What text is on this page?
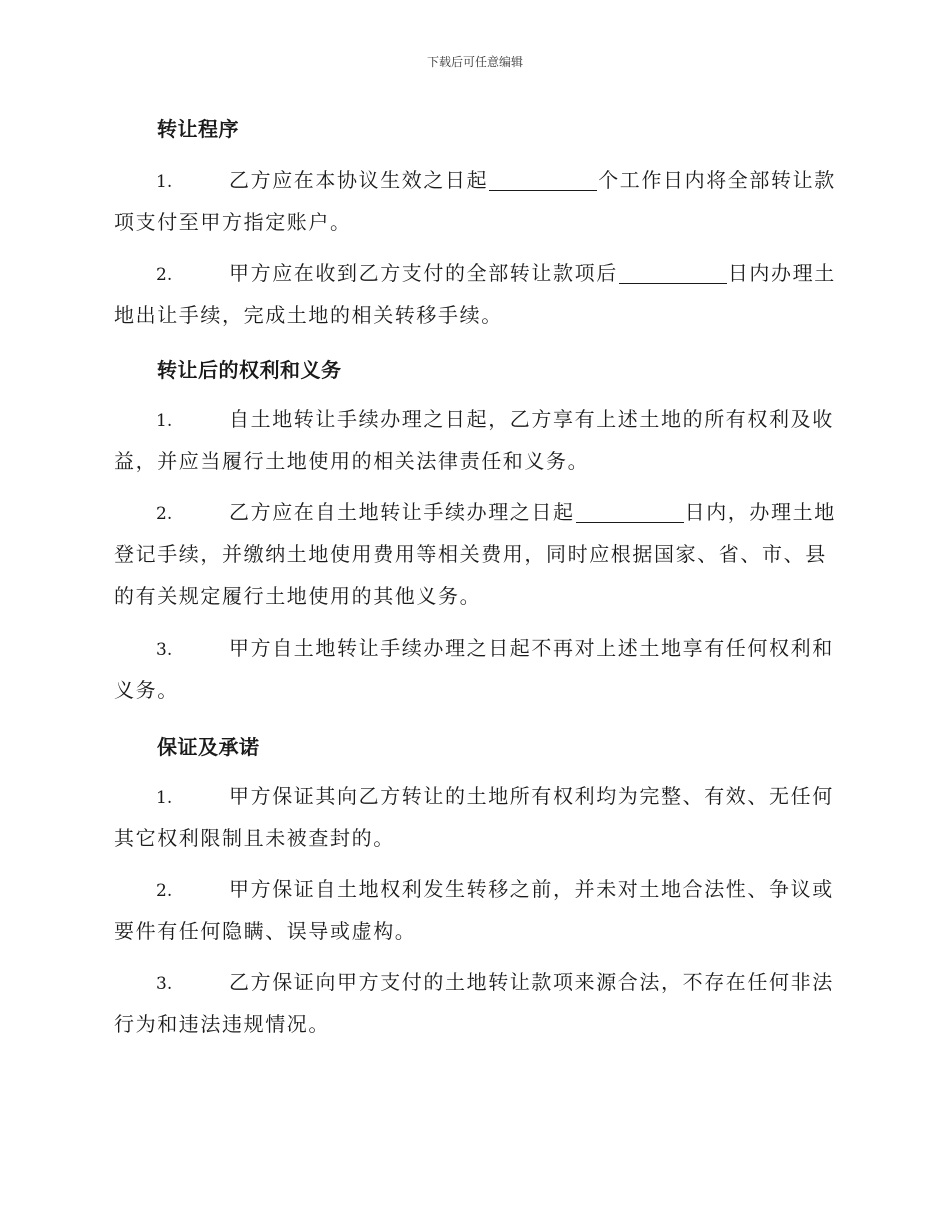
下载后可任意编辑
转让程序
1.	乙方应在本协议生效之日起	个工作日内将全部转让款
项支付至甲方指定账户。
2.	甲方应在收到乙方支付的全部转让款项后	日内办理土
地出让手续，完成土地的相关转移手续。
转让后的权利和义务
1.	自土地转让手续办理之日起，乙方享有上述土地的所有权利及收
益，并应当履行土地使用的相关法律责任和义务。
2.	乙方应在自土地转让手续办理之日起	日内，办理土地
登记手续，并缴纳土地使用费用等相关费用，同时应根据国家、省、市、县
的有关规定履行土地使用的其他义务。
3.	甲方自土地转让手续办理之日起不再对上述土地享有任何权利和
义务。
保证及承诺
1.	甲方保证其向乙方转让的土地所有权利均为完整、有效、无任何
其它权利限制且未被查封的。
2.	甲方保证自土地权利发生转移之前，并未对土地合法性、争议或
要件有任何隐瞒、误导或虚构。
3.	乙方保证向甲方支付的土地转让款项来源合法，不存在任何非法
行为和违法违规情况。
